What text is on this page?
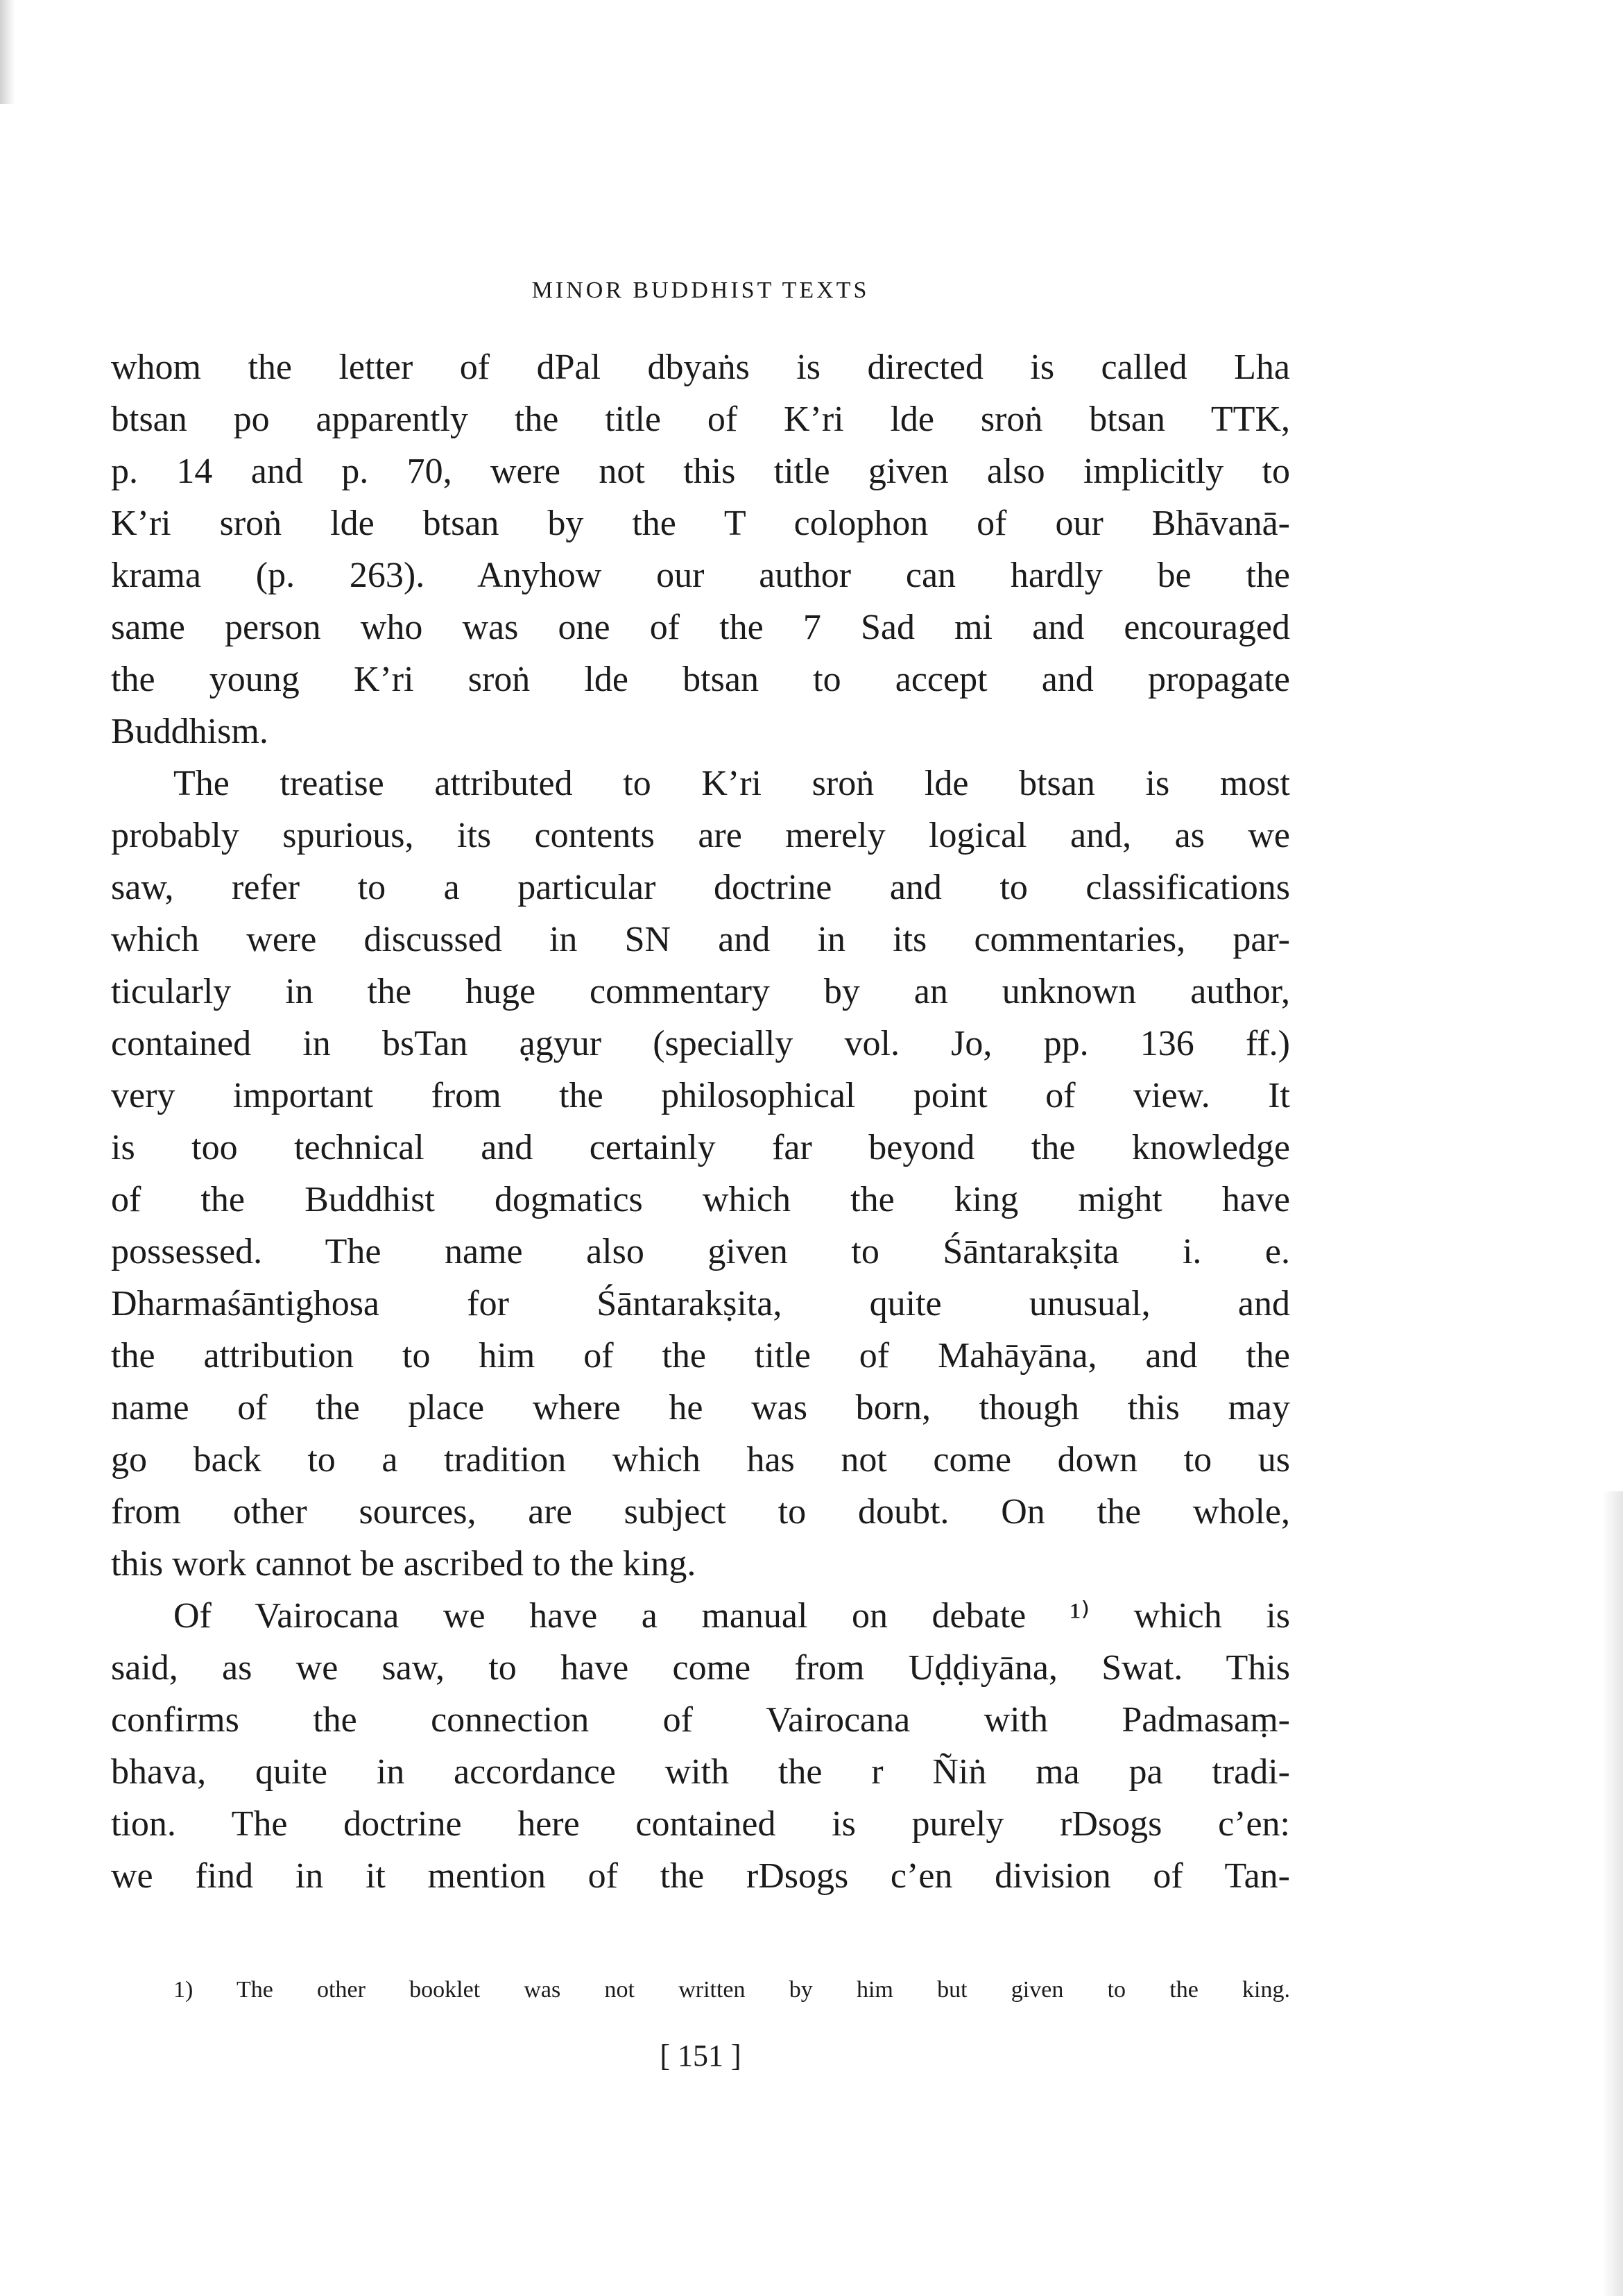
MINOR BUDDHIST TEXTS
whom the letter of dPal dbyaṅs is directed is called Lha
btsan po apparently the title of K’ri lde sroṅ btsan TTK,
p. 14 and p. 70, were not this title given also implicitly to
K’ri sroṅ lde btsan by the T colophon of our Bhāvanā-
krama (p. 263). Anyhow our author can hardly be the
same person who was one of the 7 Sad mi and encouraged
the young K’ri sroṅ lde btsan to accept and propagate
Buddhism.
The treatise attributed to K’ri sroṅ lde btsan is most
probably spurious, its contents are merely logical and, as we
saw, refer to a particular doctrine and to classifications
which were discussed in SN and in its commentaries, par-
ticularly in the huge commentary by an unknown author,
contained in bsTan ạgyur (specially vol. Jo, pp. 136 ff.)
very important from the philosophical point of view. It
is too technical and certainly far beyond the knowledge
of the Buddhist dogmatics which the king might have
possessed. The name also given to Śāntarakṣita i. e.
Dharmaśāntighosa for Śāntarakṣita, quite unusual, and
the attribution to him of the title of Mahāyāna, and the
name of the place where he was born, though this may
go back to a tradition which has not come down to us
from other sources, are subject to doubt. On the whole,
this work cannot be ascribed to the king.
Of Vairocana we have a manual on debate ¹⁾ which is
said, as we saw, to have come from Uḍḍiyāna, Swat. This
confirms the connection of Vairocana with Padmasaṃ-
bhava, quite in accordance with the r Ñiṅ ma pa tradi-
tion. The doctrine here contained is purely rDsogs c’en:
we find in it mention of the rDsogs c’en division of Tan-
1) The other booklet was not written by him but given to the king.
[ 151 ]
